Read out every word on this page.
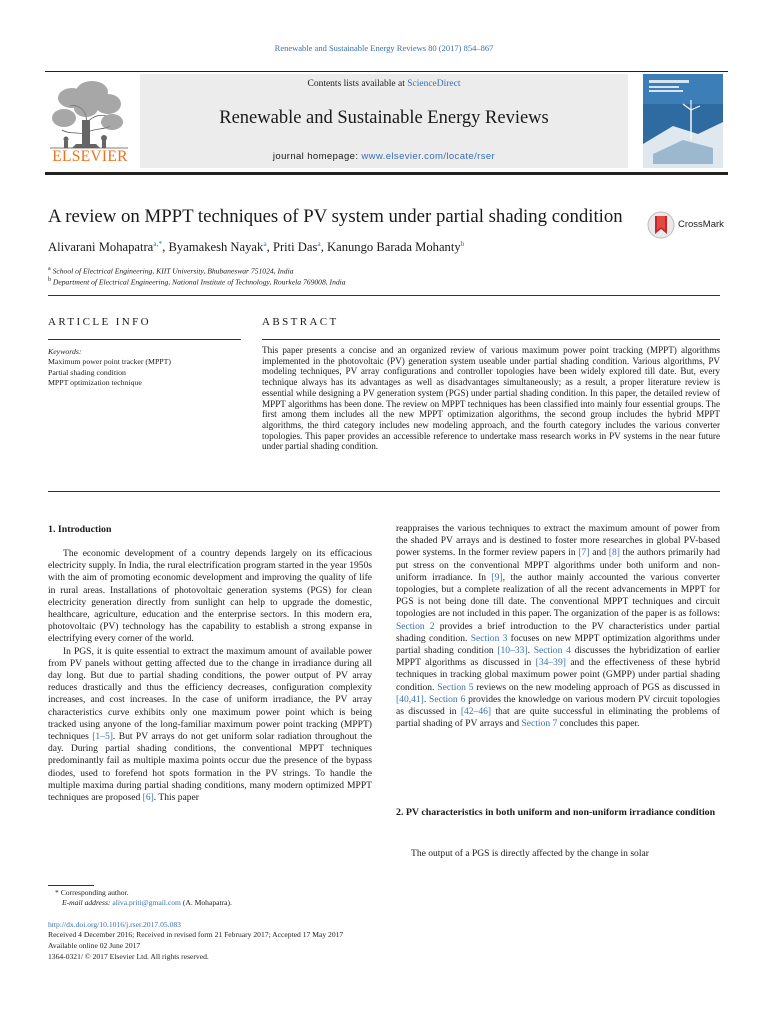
Renewable and Sustainable Energy Reviews 80 (2017) 854–867
ELSEVIER
Contents lists available at ScienceDirect
Renewable and Sustainable Energy Reviews
journal homepage: www.elsevier.com/locate/rser
A review on MPPT techniques of PV system under partial shading condition	CrossMark
Alivarani Mohapatra$^{a,*}$, Byamakesh Nayak$^a$, Priti Das$^a$, Kanungo Barada Mohanty$^b$
$^a$ School of Electrical Engineering, KIIT University, Bhubaneswar 751024, India
$^b$ Department of Electrical Engineering, National Institute of Technology, Rourkela 769008, India
ARTICLE INFO	ABSTRACT
Keywords:
Maximum power point tracker (MPPT)
Partial shading condition
MPPT optimization technique
This paper presents a concise and an organized review of various maximum power point tracking (MPPT) algorithms implemented in the photovoltaic (PV) generation system useable under partial shading condition. Various algorithms, PV modeling techniques, PV array configurations and controller topologies have been widely explored till date. But, every technique always has its advantages as well as disadvantages simultaneously; as a result, a proper literature review is essential while designing a PV generation system (PGS) under partial shading condition. In this paper, the detailed review of MPPT algorithms has been done. The review on MPPT techniques has been classified into mainly four essential groups. The first among them includes all the new MPPT optimization algorithms, the second group includes the hybrid MPPT algorithms, the third category includes new modeling approach, and the fourth category includes the various converter topologies. This paper provides an accessible reference to undertake mass research works in PV systems in the near future under partial shading condition.
1. Introduction

The economic development of a country depends largely on its efficacious electricity supply. In India, the rural electrification program started in the year 1950s with the aim of promoting economic development and improving the quality of life in rural areas. Installations of photovoltaic generation systems (PGS) for clean electricity generation directly from sunlight can help to upgrade the domestic, healthcare, agriculture, education and the enterprise sectors. In this modern era, photovoltaic (PV) technology has the capability to establish a strong expanse in electrifying every corner of the world.

In PGS, it is quite essential to extract the maximum amount of available power from PV panels without getting affected due to the change in irradiance during all day long. But due to partial shading conditions, the power output of PV array reduces drastically and thus the efficiency decreases, configuration complexity increases, and cost increases. In the case of uniform irradiance, the PV array characteristics curve exhibits only one maximum power point which is being tracked using anyone of the long-familiar maximum power point tracking (MPPT) techniques [1–5]. But PV arrays do not get uniform solar radiation throughout the day. During partial shading conditions, the conventional MPPT techniques predominantly fail as multiple maxima points occur due the presence of the bypass diodes, used to forefend hot spots formation in the PV strings. To handle the multiple maxima during partial shading conditions, many modern optimized MPPT techniques are proposed [6]. This paper

reappraises the various techniques to extract the maximum amount of power from the shaded PV arrays and is destined to foster more researches in global PV-based power systems. In the former review papers in [7] and [8] the authors primarily had put stress on the conventional MPPT algorithms under both uniform and non-uniform irradiance. In [9], the author mainly accounted the various converter topologies, but a complete realization of all the recent advancements in MPPT for PGS is not being done till date. The conventional MPPT techniques and circuit topologies are not included in this paper. The organization of the paper is as follows: Section 2 provides a brief introduction to the PV characteristics under partial shading condition. Section 3 focuses on new MPPT optimization algorithms under partial shading condition [10–33]. Section 4 discusses the hybridization of earlier MPPT algorithms as discussed in [34–39] and the effectiveness of these hybrid techniques in tracking global maximum power point (GMPP) under partial shading condition. Section 5 reviews on the new modeling approach of PGS as discussed in [40,41]. Section 6 provides the knowledge on various modern PV circuit topologies as discussed in [42–46] that are quite successful in eliminating the problems of partial shading of PV arrays and Section 7 concludes this paper.

2. PV characteristics in both uniform and non-uniform irradiance condition

The output of a PGS is directly affected by the change in solar

* Corresponding author.
E-mail address: aliva.priti@gmail.com (A. Mohapatra).
http://dx.doi.org/10.1016/j.rser.2017.05.083
Received 4 December 2016; Received in revised form 21 February 2017; Accepted 17 May 2017
Available online 02 June 2017
1364-0321/ © 2017 Elsevier Ltd. All rights reserved.
